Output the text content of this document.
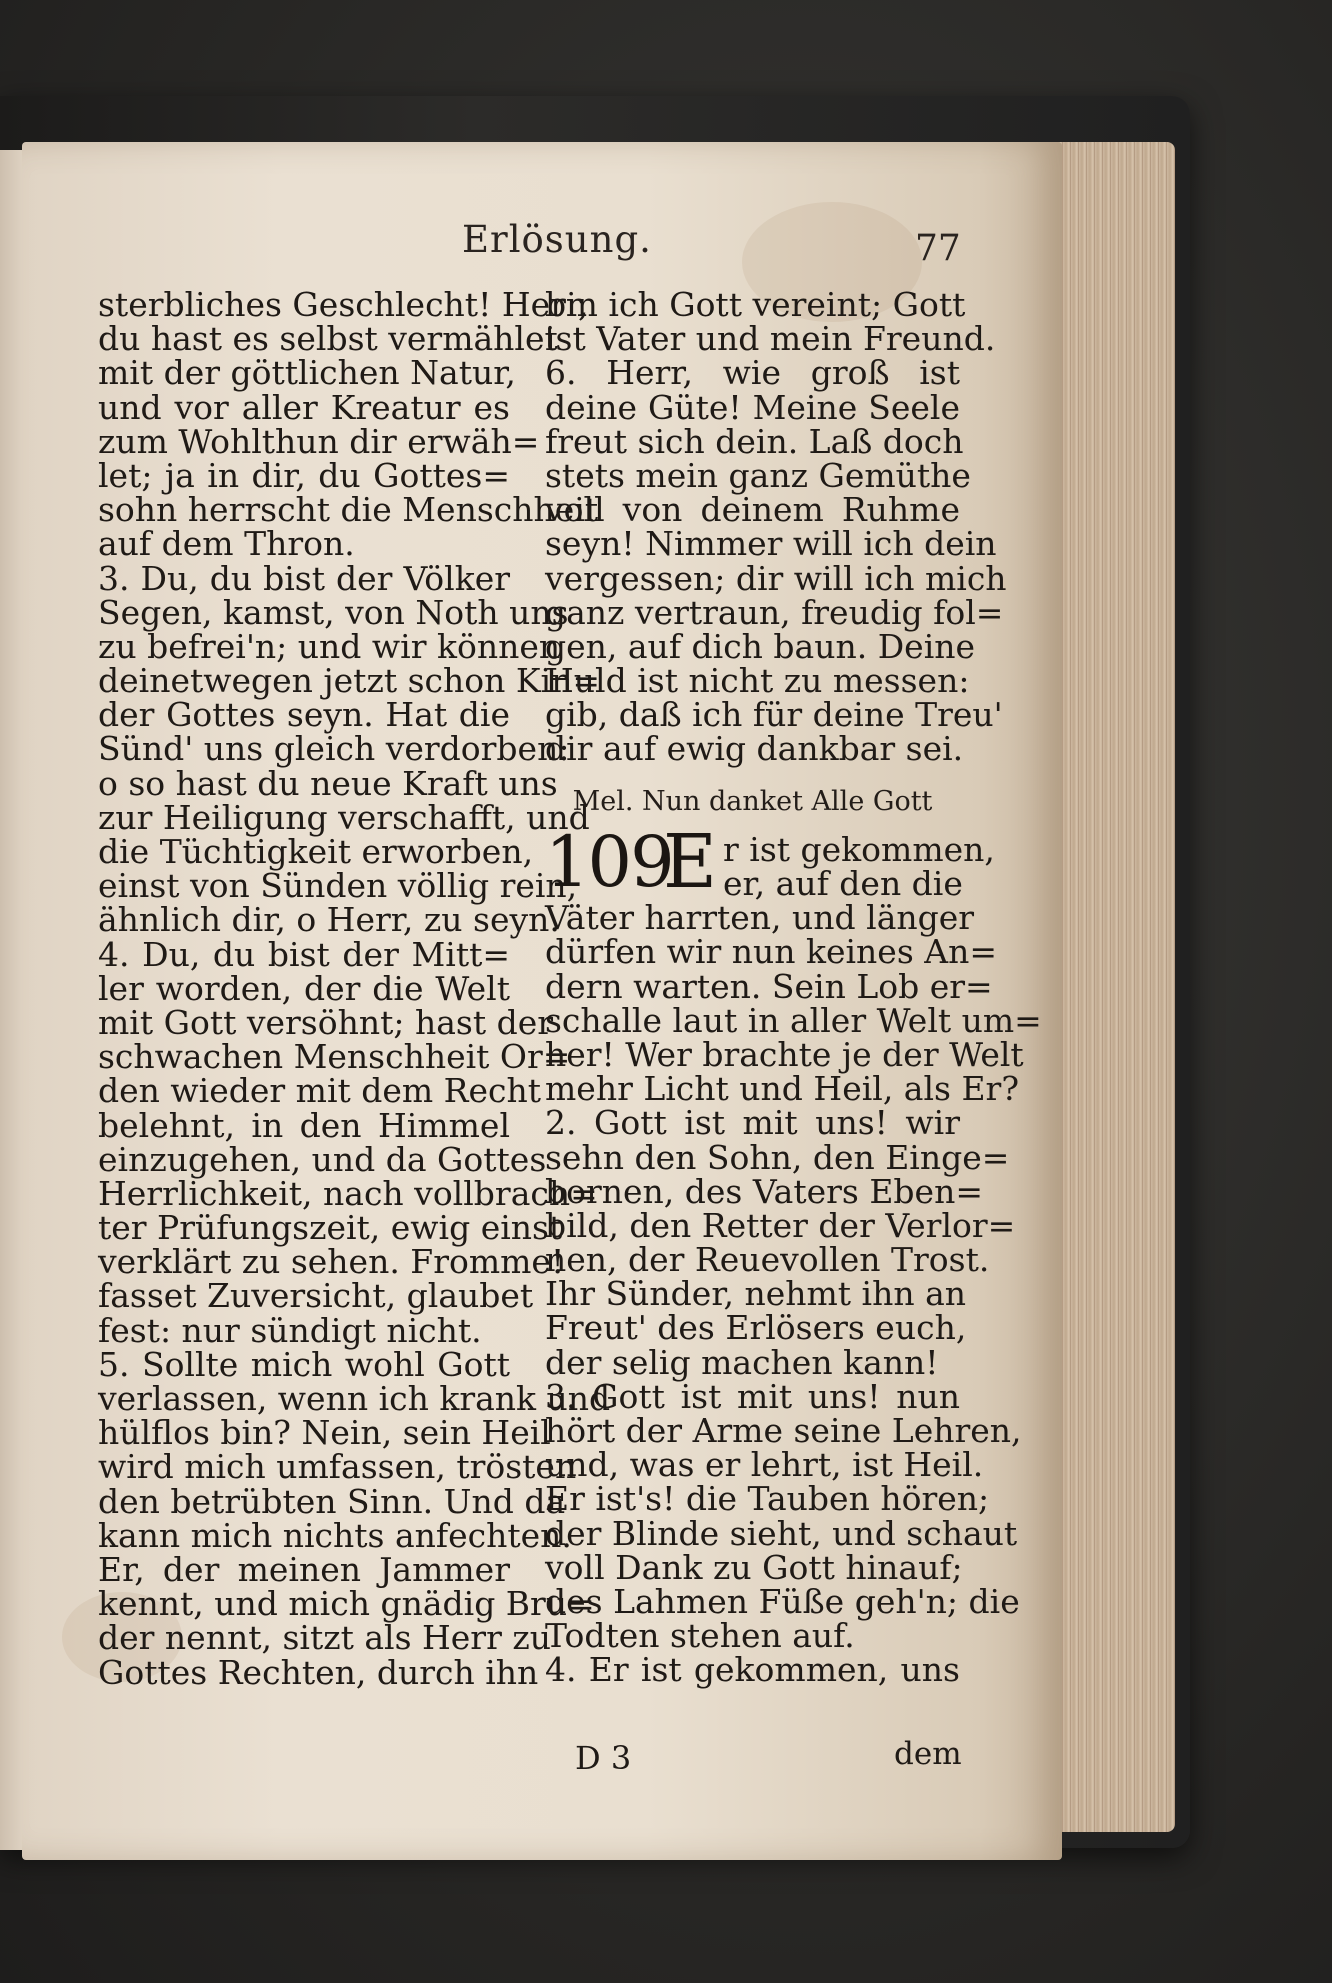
Erlösung.	77
sterbliches Geschlecht! Herr,
du hast es selbst vermählet
mit der göttlichen Natur,
und vor aller Kreatur es
zum Wohlthun dir erwäh=
let; ja in dir, du Gottes=
sohn herrscht die Menschheit
auf dem Thron.
3. Du, du bist der Völker
Segen, kamst, von Noth uns
zu befrei'n; und wir können
deinetwegen jetzt schon Kin=
der Gottes seyn. Hat die
Sünd' uns gleich verdorben:
o so hast du neue Kraft uns
zur Heiligung verschafft, und
die Tüchtigkeit erworben,
einst von Sünden völlig rein,
ähnlich dir, o Herr, zu seyn.
4. Du, du bist der Mitt=
ler worden, der die Welt
mit Gott versöhnt; hast der
schwachen Menschheit Or=
den wieder mit dem Recht
belehnt, in den Himmel
einzugehen, und da Gottes
Herrlichkeit, nach vollbrach=
ter Prüfungszeit, ewig einst
verklärt zu sehen. Fromme!
fasset Zuversicht, glaubet
fest: nur sündigt nicht.
5. Sollte mich wohl Gott
verlassen, wenn ich krank und
hülflos bin? Nein, sein Heil
wird mich umfassen, trösten
den betrübten Sinn. Und da
kann mich nichts anfechten.
Er, der meinen Jammer
kennt, und mich gnädig Bru=
der nennt, sitzt als Herr zu
Gottes Rechten, durch ihn
bin ich Gott vereint; Gott
ist Vater und mein Freund.
6. Herr, wie groß ist
deine Güte! Meine Seele
freut sich dein. Laß doch
stets mein ganz Gemüthe
voll von deinem Ruhme
seyn! Nimmer will ich dein
vergessen; dir will ich mich
ganz vertraun, freudig fol=
gen, auf dich baun. Deine
Huld ist nicht zu messen:
gib, daß ich für deine Treu'
dir auf ewig dankbar sei.
Mel. Nun danket Alle Gott
109
E r ist gekommen,
er, auf den die
Väter harrten, und länger
dürfen wir nun keines An=
dern warten. Sein Lob er=
schalle laut in aller Welt um=
her! Wer brachte je der Welt
mehr Licht und Heil, als Er?
2. Gott ist mit uns! wir
sehn den Sohn, den Einge=
bornen, des Vaters Eben=
bild, den Retter der Verlor=
nen, der Reuevollen Trost.
Ihr Sünder, nehmt ihn an
Freut' des Erlösers euch,
der selig machen kann!
3. Gott ist mit uns! nun
hört der Arme seine Lehren,
und, was er lehrt, ist Heil.
Er ist's! die Tauben hören;
der Blinde sieht, und schaut
voll Dank zu Gott hinauf;
des Lahmen Füße geh'n; die
Todten stehen auf.
4. Er ist gekommen, uns
D 3	dem
